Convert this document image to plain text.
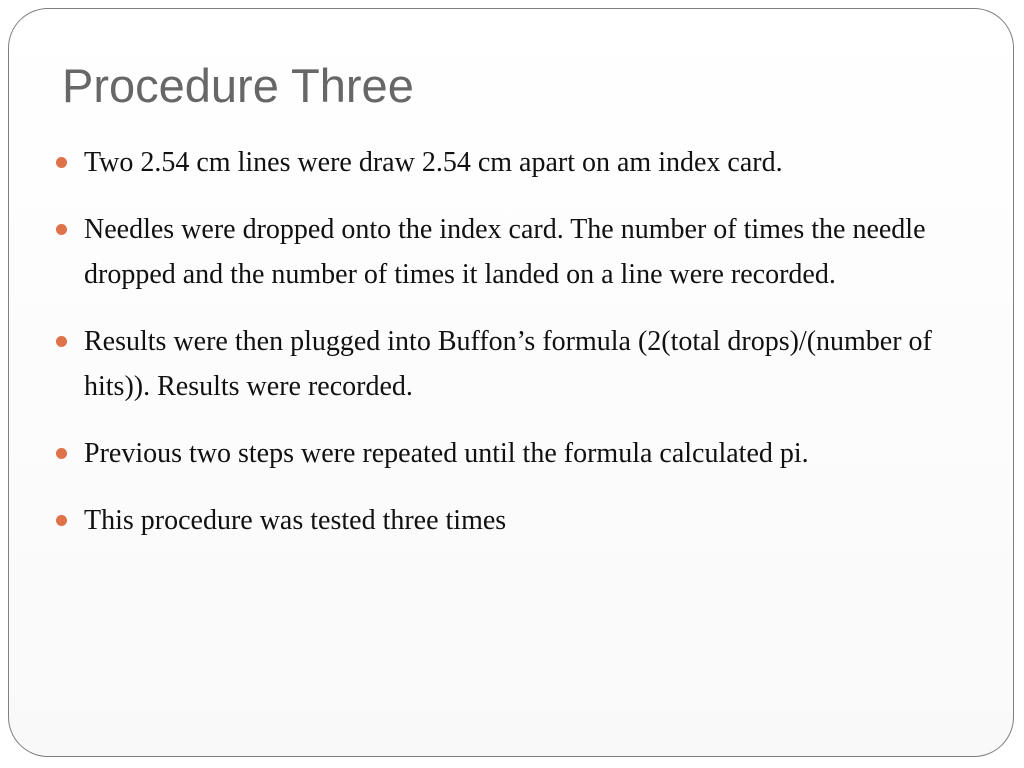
Procedure Three
Two 2.54 cm lines were draw 2.54 cm apart on am index card.
Needles were dropped onto the index card. The number of times the needle dropped and the number of times it landed on a line were recorded.
Results were then plugged into Buffon’s formula (2(total drops)/(number of hits)). Results were recorded.
Previous two steps were repeated until the formula calculated pi.
This procedure was tested three times
